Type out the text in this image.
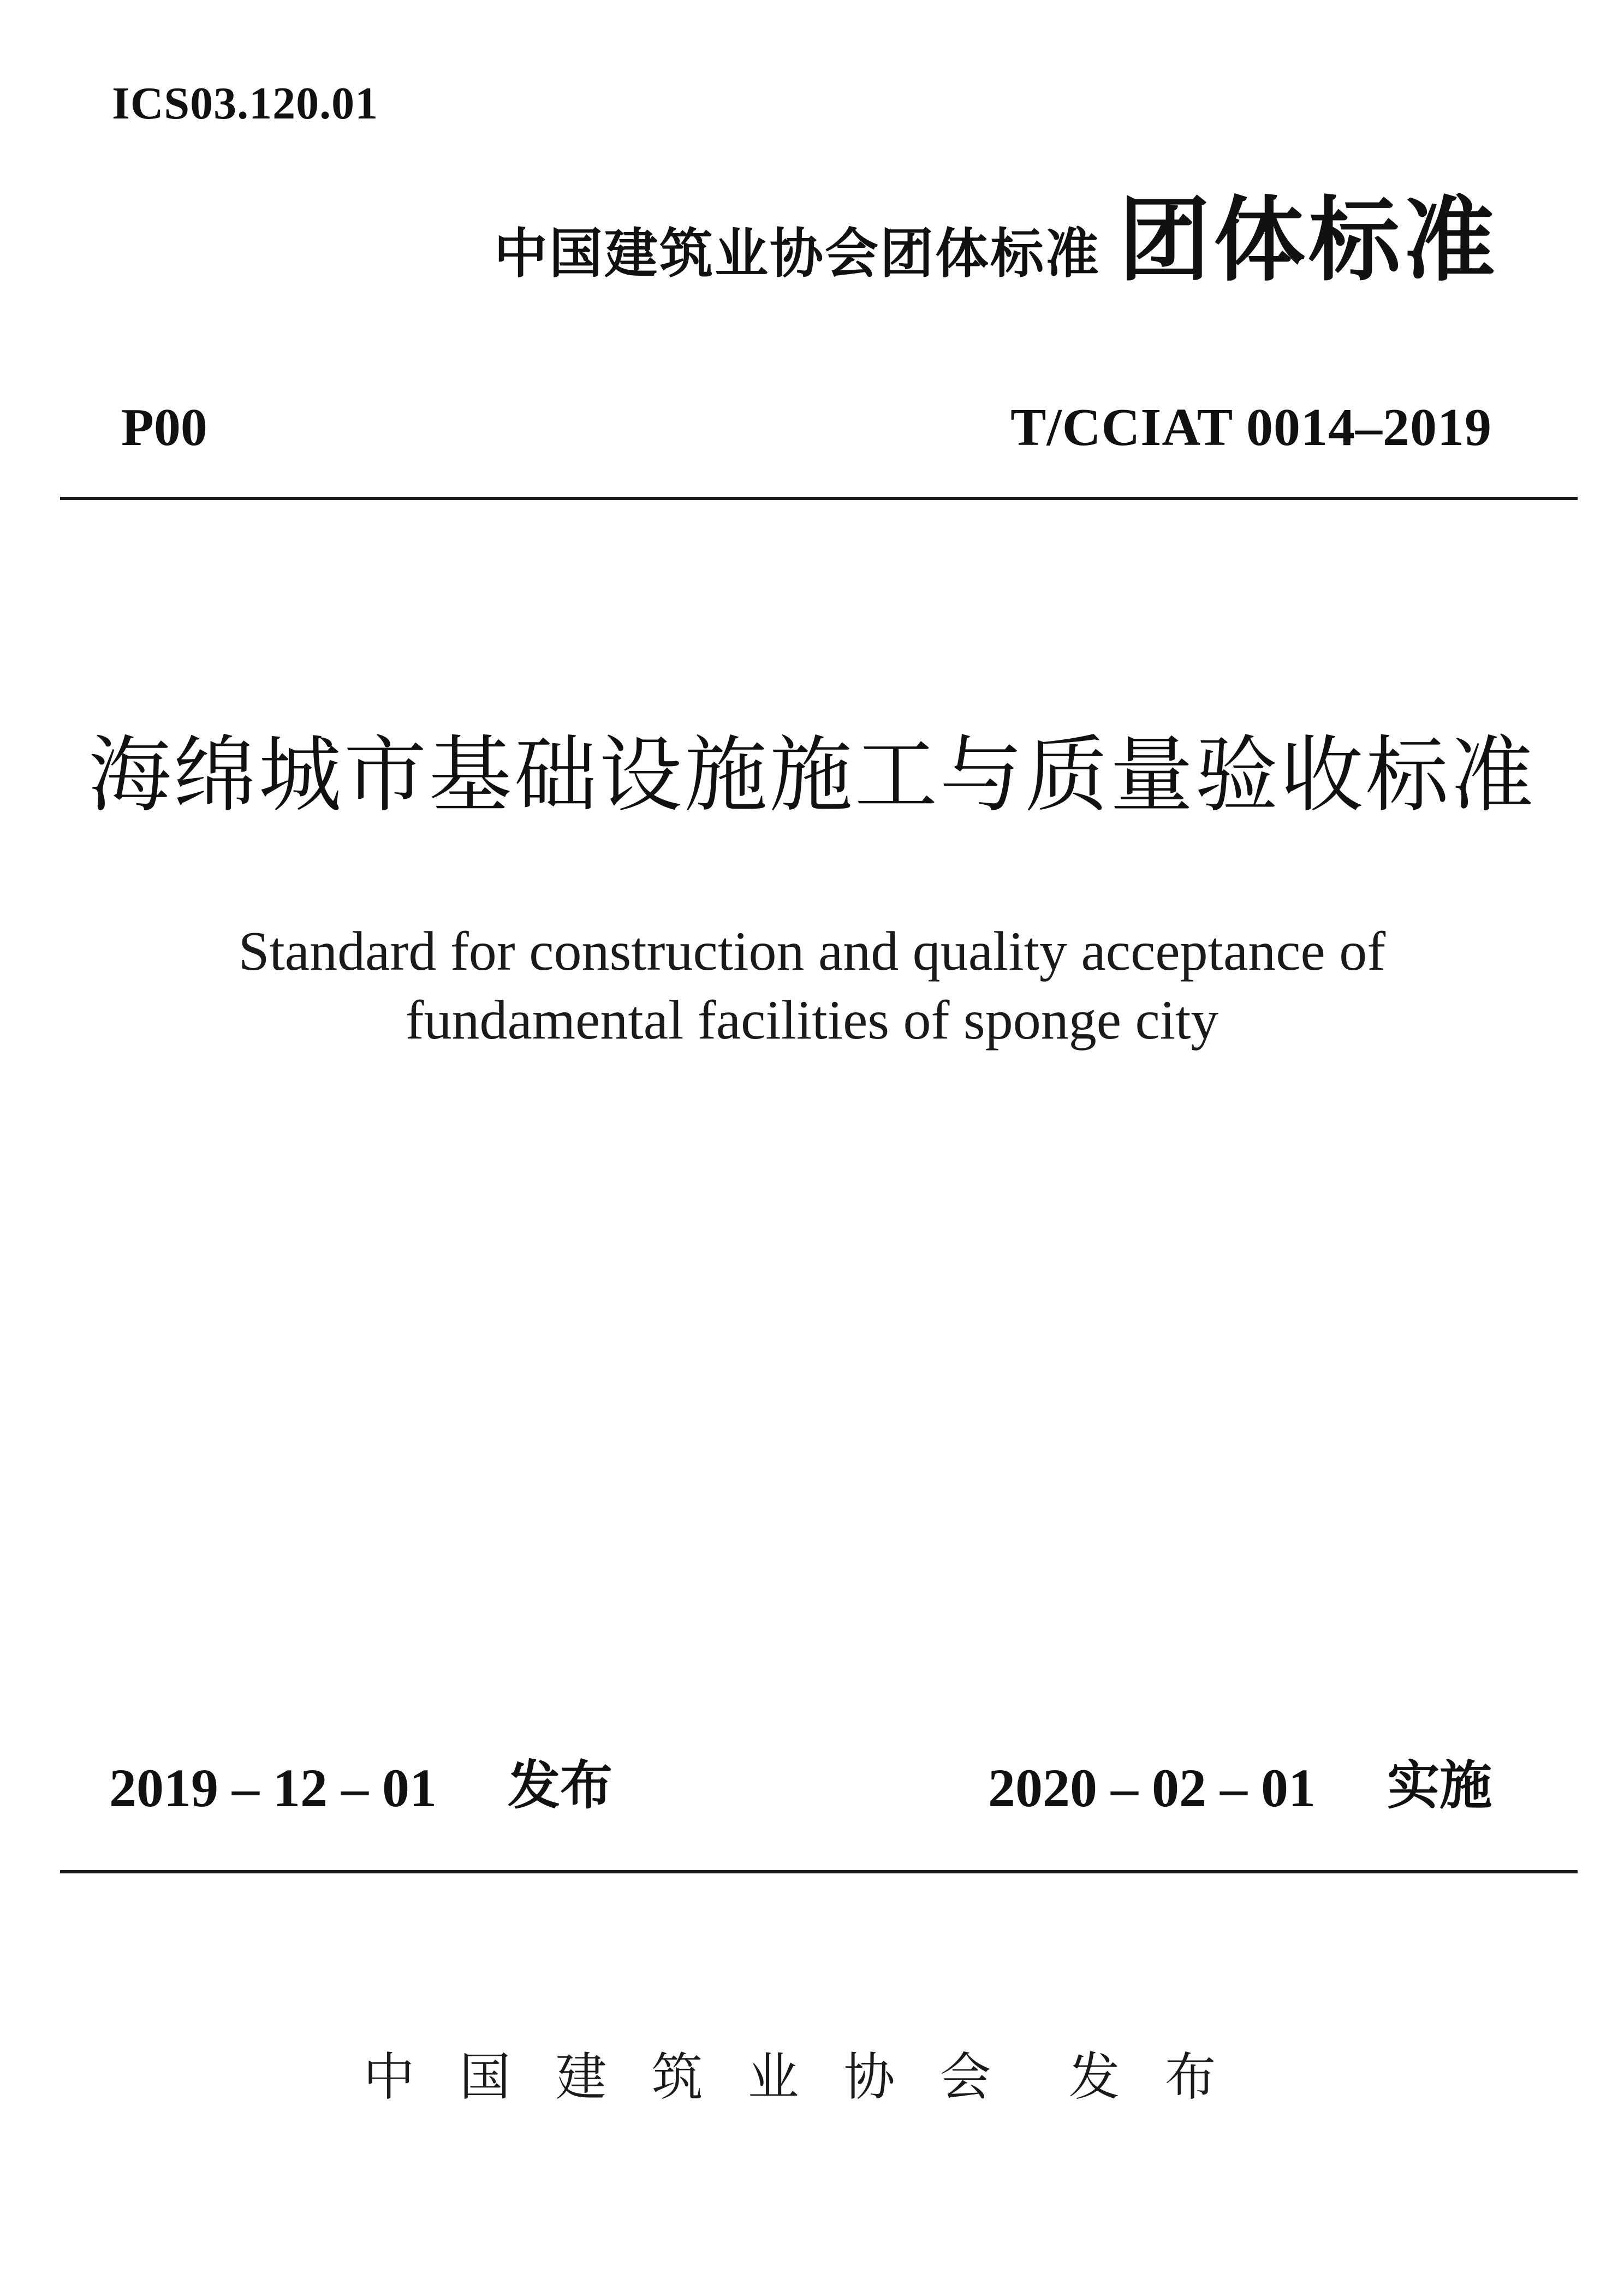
ICS03.120.01
中国建筑业协会团体标准 团体标准
P00	T/CCIAT 0014–2019
海绵城市基础设施施工与质量验收标准
Standard for construction and quality acceptance of
fundamental facilities of sponge city
2019 – 12 – 01 发布	2020 – 02 – 01 实施
中国建筑业协会 发布
